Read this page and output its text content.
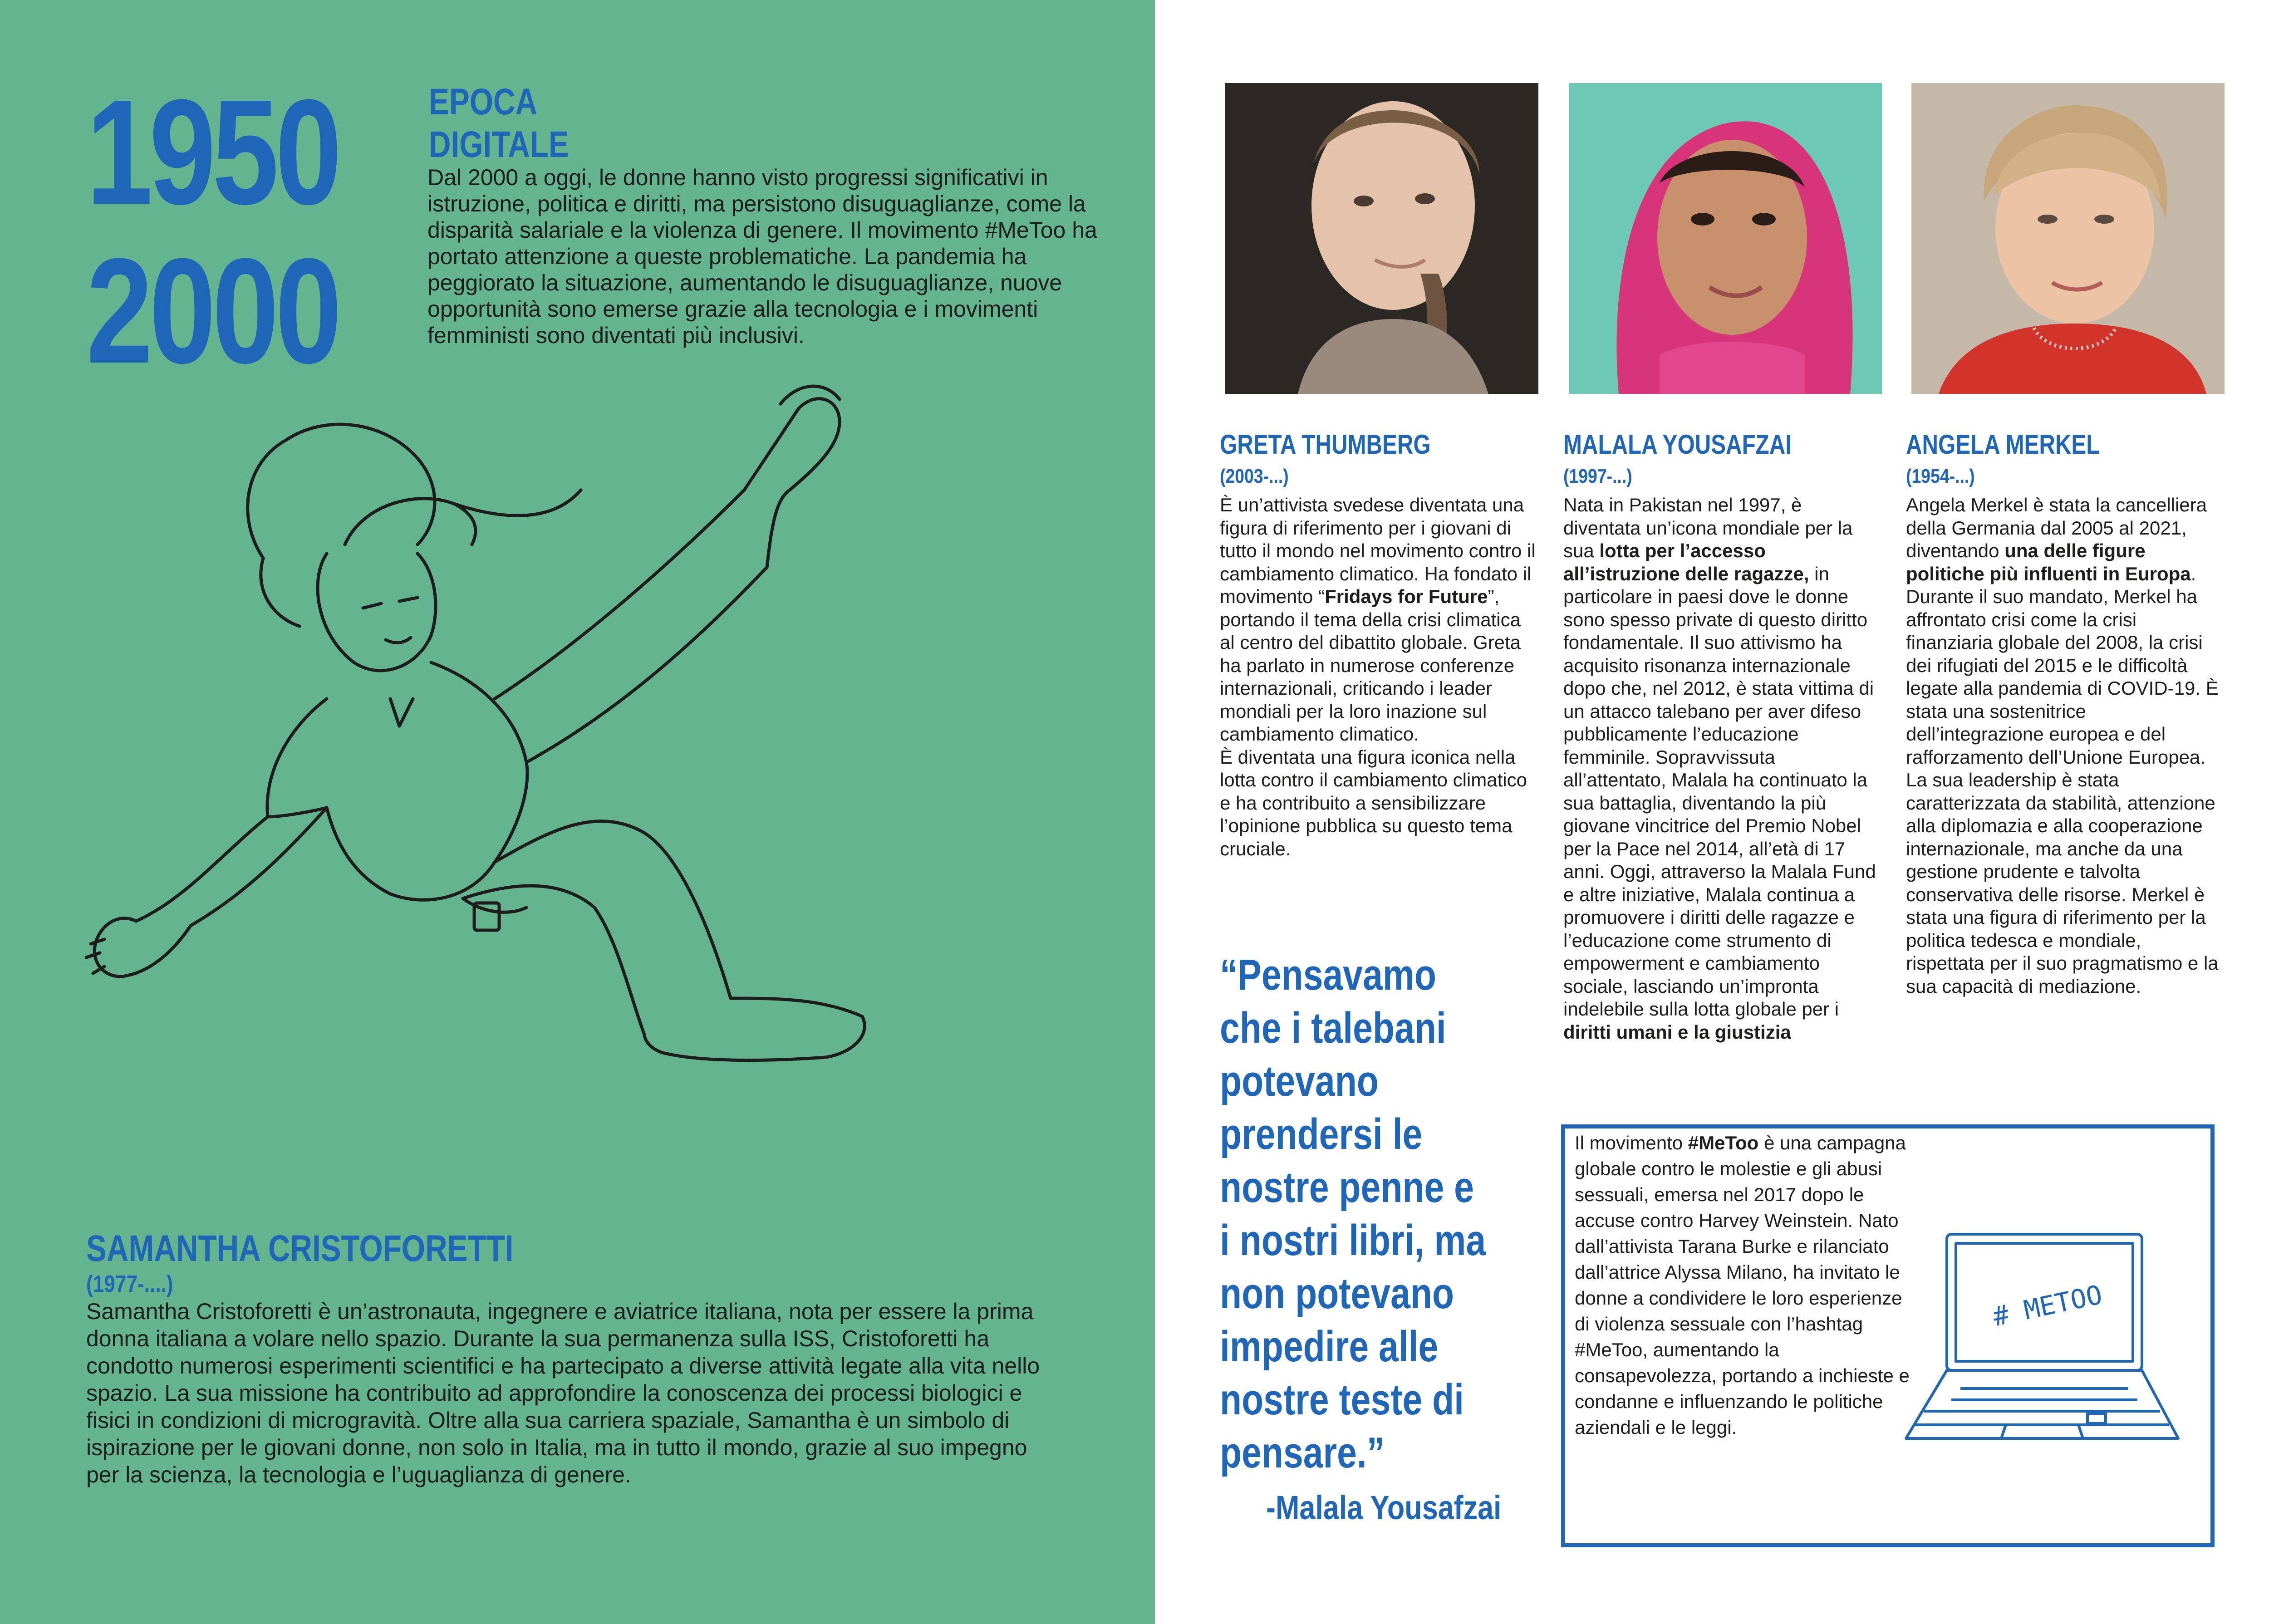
1950
2000
EPOCA
DIGITALE
Dal 2000 a oggi, le donne hanno visto progressi significativi in istruzione, politica e diritti, ma persistono disuguaglianze, come la disparità salariale e la violenza di genere. Il movimento #MeToo ha portato attenzione a queste problematiche. La pandemia ha peggiorato la situazione, aumentando le disuguaglianze, nuove opportunità sono emerse grazie alla tecnologia e i movimenti femministi sono diventati più inclusivi.
SAMANTHA CRISTOFORETTI
(1977-....)
Samantha Cristoforetti è un’astronauta, ingegnere e aviatrice italiana, nota per essere la prima donna italiana a volare nello spazio. Durante la sua permanenza sulla ISS, Cristoforetti ha condotto numerosi esperimenti scientifici e ha partecipato a diverse attività legate alla vita nello spazio. La sua missione ha contribuito ad approfondire la conoscenza dei processi biologici e fisici in condizioni di microgravità. Oltre alla sua carriera spaziale, Samantha è un simbolo di ispirazione per le giovani donne, non solo in Italia, ma in tutto il mondo, grazie al suo impegno per la scienza, la tecnologia e l’uguaglianza di genere.
GRETA THUMBERG
(2003-...)
È un’attivista svedese diventata una figura di riferimento per i giovani di tutto il mondo nel movimento contro il cambiamento climatico. Ha fondato il movimento “Fridays for Future”, portando il tema della crisi climatica al centro del dibattito globale. Greta ha parlato in numerose conferenze internazionali, criticando i leader mondiali per la loro inazione sul cambiamento climatico.
È diventata una figura iconica nella lotta contro il cambiamento climatico e ha contribuito a sensibilizzare l’opinione pubblica su questo tema cruciale.
MALALA YOUSAFZAI
(1997-...)
Nata in Pakistan nel 1997, è diventata un’icona mondiale per la sua lotta per l’accesso all’istruzione delle ragazze, in particolare in paesi dove le donne sono spesso private di questo diritto fondamentale. Il suo attivismo ha acquisito risonanza internazionale dopo che, nel 2012, è stata vittima di un attacco talebano per aver difeso pubblicamente l’educazione femminile. Sopravvissuta all’attentato, Malala ha continuato la sua battaglia, diventando la più giovane vincitrice del Premio Nobel per la Pace nel 2014, all’età di 17 anni. Oggi, attraverso la Malala Fund e altre iniziative, Malala continua a promuovere i diritti delle ragazze e l’educazione come strumento di empowerment e cambiamento sociale, lasciando un’impronta indelebile sulla lotta globale per i diritti umani e la giustizia
ANGELA MERKEL
(1954-...)
Angela Merkel è stata la cancelliera della Germania dal 2005 al 2021, diventando una delle figure politiche più influenti in Europa. Durante il suo mandato, Merkel ha affrontato crisi come la crisi finanziaria globale del 2008, la crisi dei rifugiati del 2015 e le difficoltà legate alla pandemia di COVID-19. È stata una sostenitrice dell’integrazione europea e del rafforzamento dell’Unione Europea. La sua leadership è stata caratterizzata da stabilità, attenzione alla diplomazia e alla cooperazione internazionale, ma anche da una gestione prudente e talvolta conservativa delle risorse. Merkel è stata una figura di riferimento per la politica tedesca e mondiale, rispettata per il suo pragmatismo e la sua capacità di mediazione.
“Pensavamo che i talebani potevano prendersi le nostre penne e i nostri libri, ma non potevano impedire alle nostre teste di pensare.”
-Malala Yousafzai
Il movimento #MeToo è una campagna globale contro le molestie e gli abusi sessuali, emersa nel 2017 dopo le accuse contro Harvey Weinstein. Nato dall’attivista Tarana Burke e rilanciato dall’attrice Alyssa Milano, ha invitato le donne a condividere le loro esperienze di violenza sessuale con l’hashtag #MeToo, aumentando la consapevolezza, portando a inchieste e condanne e influenzando le politiche aziendali e le leggi.
# METOO
